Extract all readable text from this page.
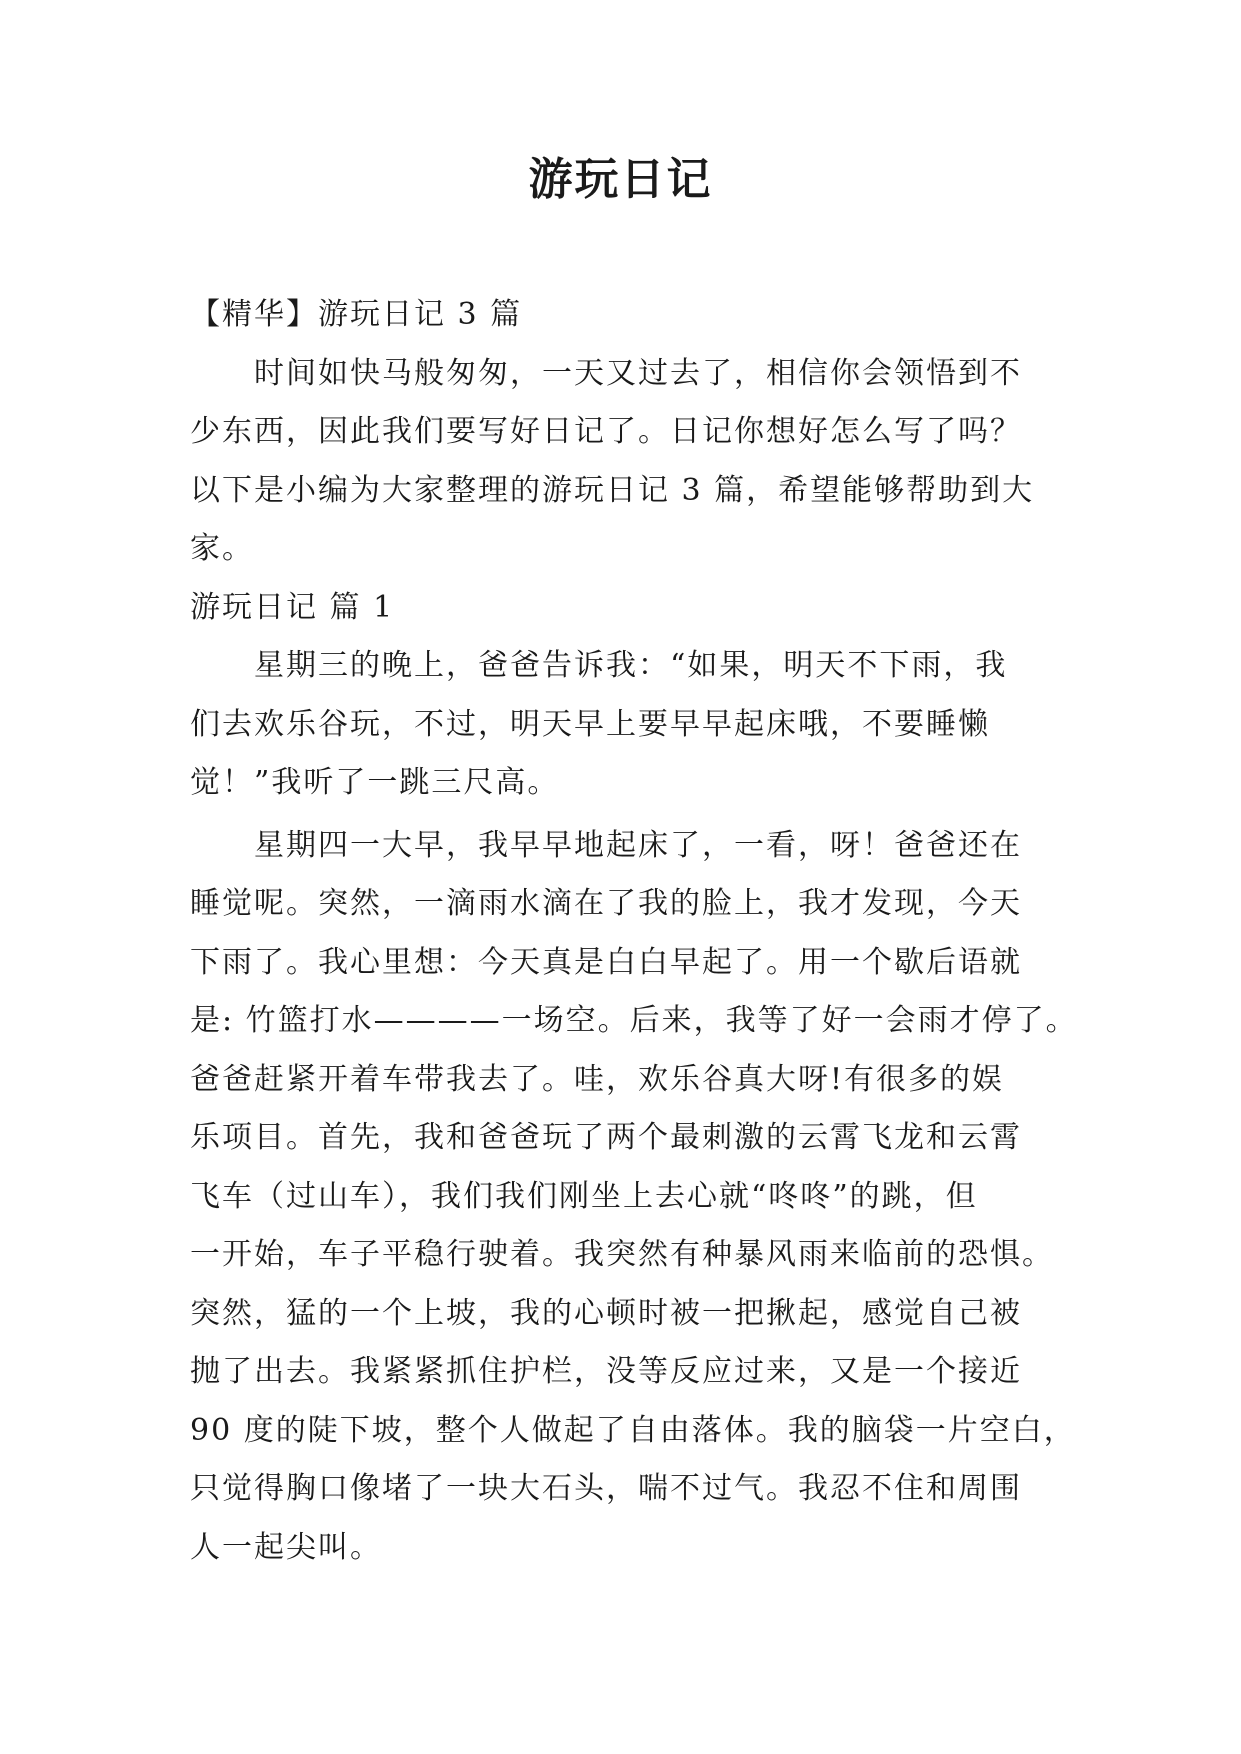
游玩日记

【精华】游玩日记 3 篇

时间如快马般匆匆，一天又过去了，相信你会领悟到不

少东西，因此我们要写好日记了。日记你想好怎么写了吗？

以下是小编为大家整理的游玩日记 3 篇，希望能够帮助到大

家。

游玩日记 篇 1

星期三的晚上，爸爸告诉我：“如果，明天不下雨，我

们去欢乐谷玩，不过，明天早上要早早起床哦，不要睡懒

觉！”我听了一跳三尺高。

星期四一大早，我早早地起床了，一看，呀！爸爸还在

睡觉呢。突然，一滴雨水滴在了我的脸上，我才发现，今天

下雨了。我心里想：今天真是白白早起了。用一个歇后语就

是: 竹篮打水————一场空。后来，我等了好一会雨才停了。

爸爸赶紧开着车带我去了。哇，欢乐谷真大呀!有很多的娱

乐项目。首先，我和爸爸玩了两个最刺激的云霄飞龙和云霄

飞车（过山车），我们我们刚坐上去心就“咚咚”的跳，但

一开始，车子平稳行驶着。我突然有种暴风雨来临前的恐惧。

突然，猛的一个上坡，我的心顿时被一把揪起，感觉自己被

抛了出去。我紧紧抓住护栏，没等反应过来，又是一个接近

90 度的陡下坡，整个人做起了自由落体。我的脑袋一片空白，

只觉得胸口像堵了一块大石头，喘不过气。我忍不住和周围

人一起尖叫。
